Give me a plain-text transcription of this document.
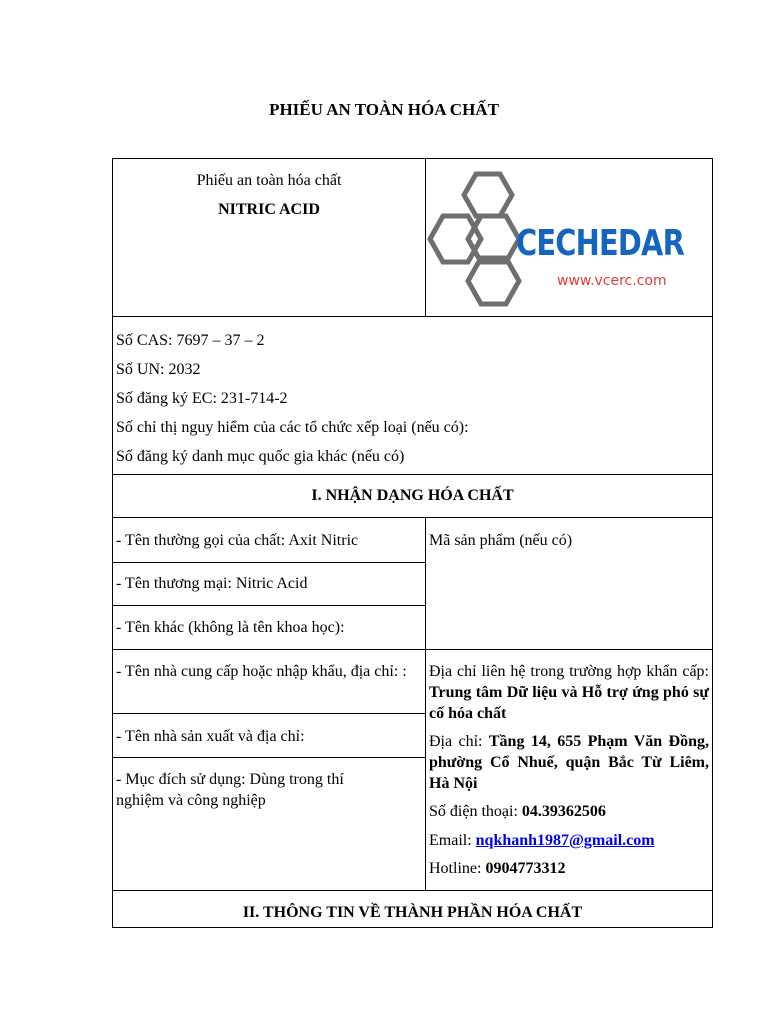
PHIẾU AN TOÀN HÓA CHẤT

Phiếu an toàn hóa chất

NITRIC ACID

CECHEDAR
www.vcerc.com

Số CAS: 7697 – 37 – 2

Số UN: 2032

Số đăng ký EC: 231-714-2

Số chỉ thị nguy hiểm của các tổ chức xếp loại (nếu có):

Số đăng ký danh mục quốc gia khác (nếu có)

I. NHẬN DẠNG HÓA CHẤT
- Tên thường gọi của chất: Axit Nitric
- Tên thương mại: Nitric Acid
- Tên khác (không là tên khoa học):
- Tên nhà cung cấp hoặc nhập khẩu, địa chỉ: :
- Tên nhà sản xuất và địa chỉ:
- Mục đích sử dụng: Dùng trong thí nghiệm và công nghiệp
Mã sản phẩm (nếu có)
Địa chỉ liên hệ trong trường hợp khẩn cấp: Trung tâm Dữ liệu và Hỗ trợ ứng phó sự cố hóa chất
Địa chỉ: Tầng 14, 655 Phạm Văn Đồng, phường Cổ Nhuế, quận Bắc Từ Liêm, Hà Nội
Số điện thoại: 04.39362506
Email: nqkhanh1987@gmail.com
Hotline: 0904773312
II. THÔNG TIN VỀ THÀNH PHẦN HÓA CHẤT
